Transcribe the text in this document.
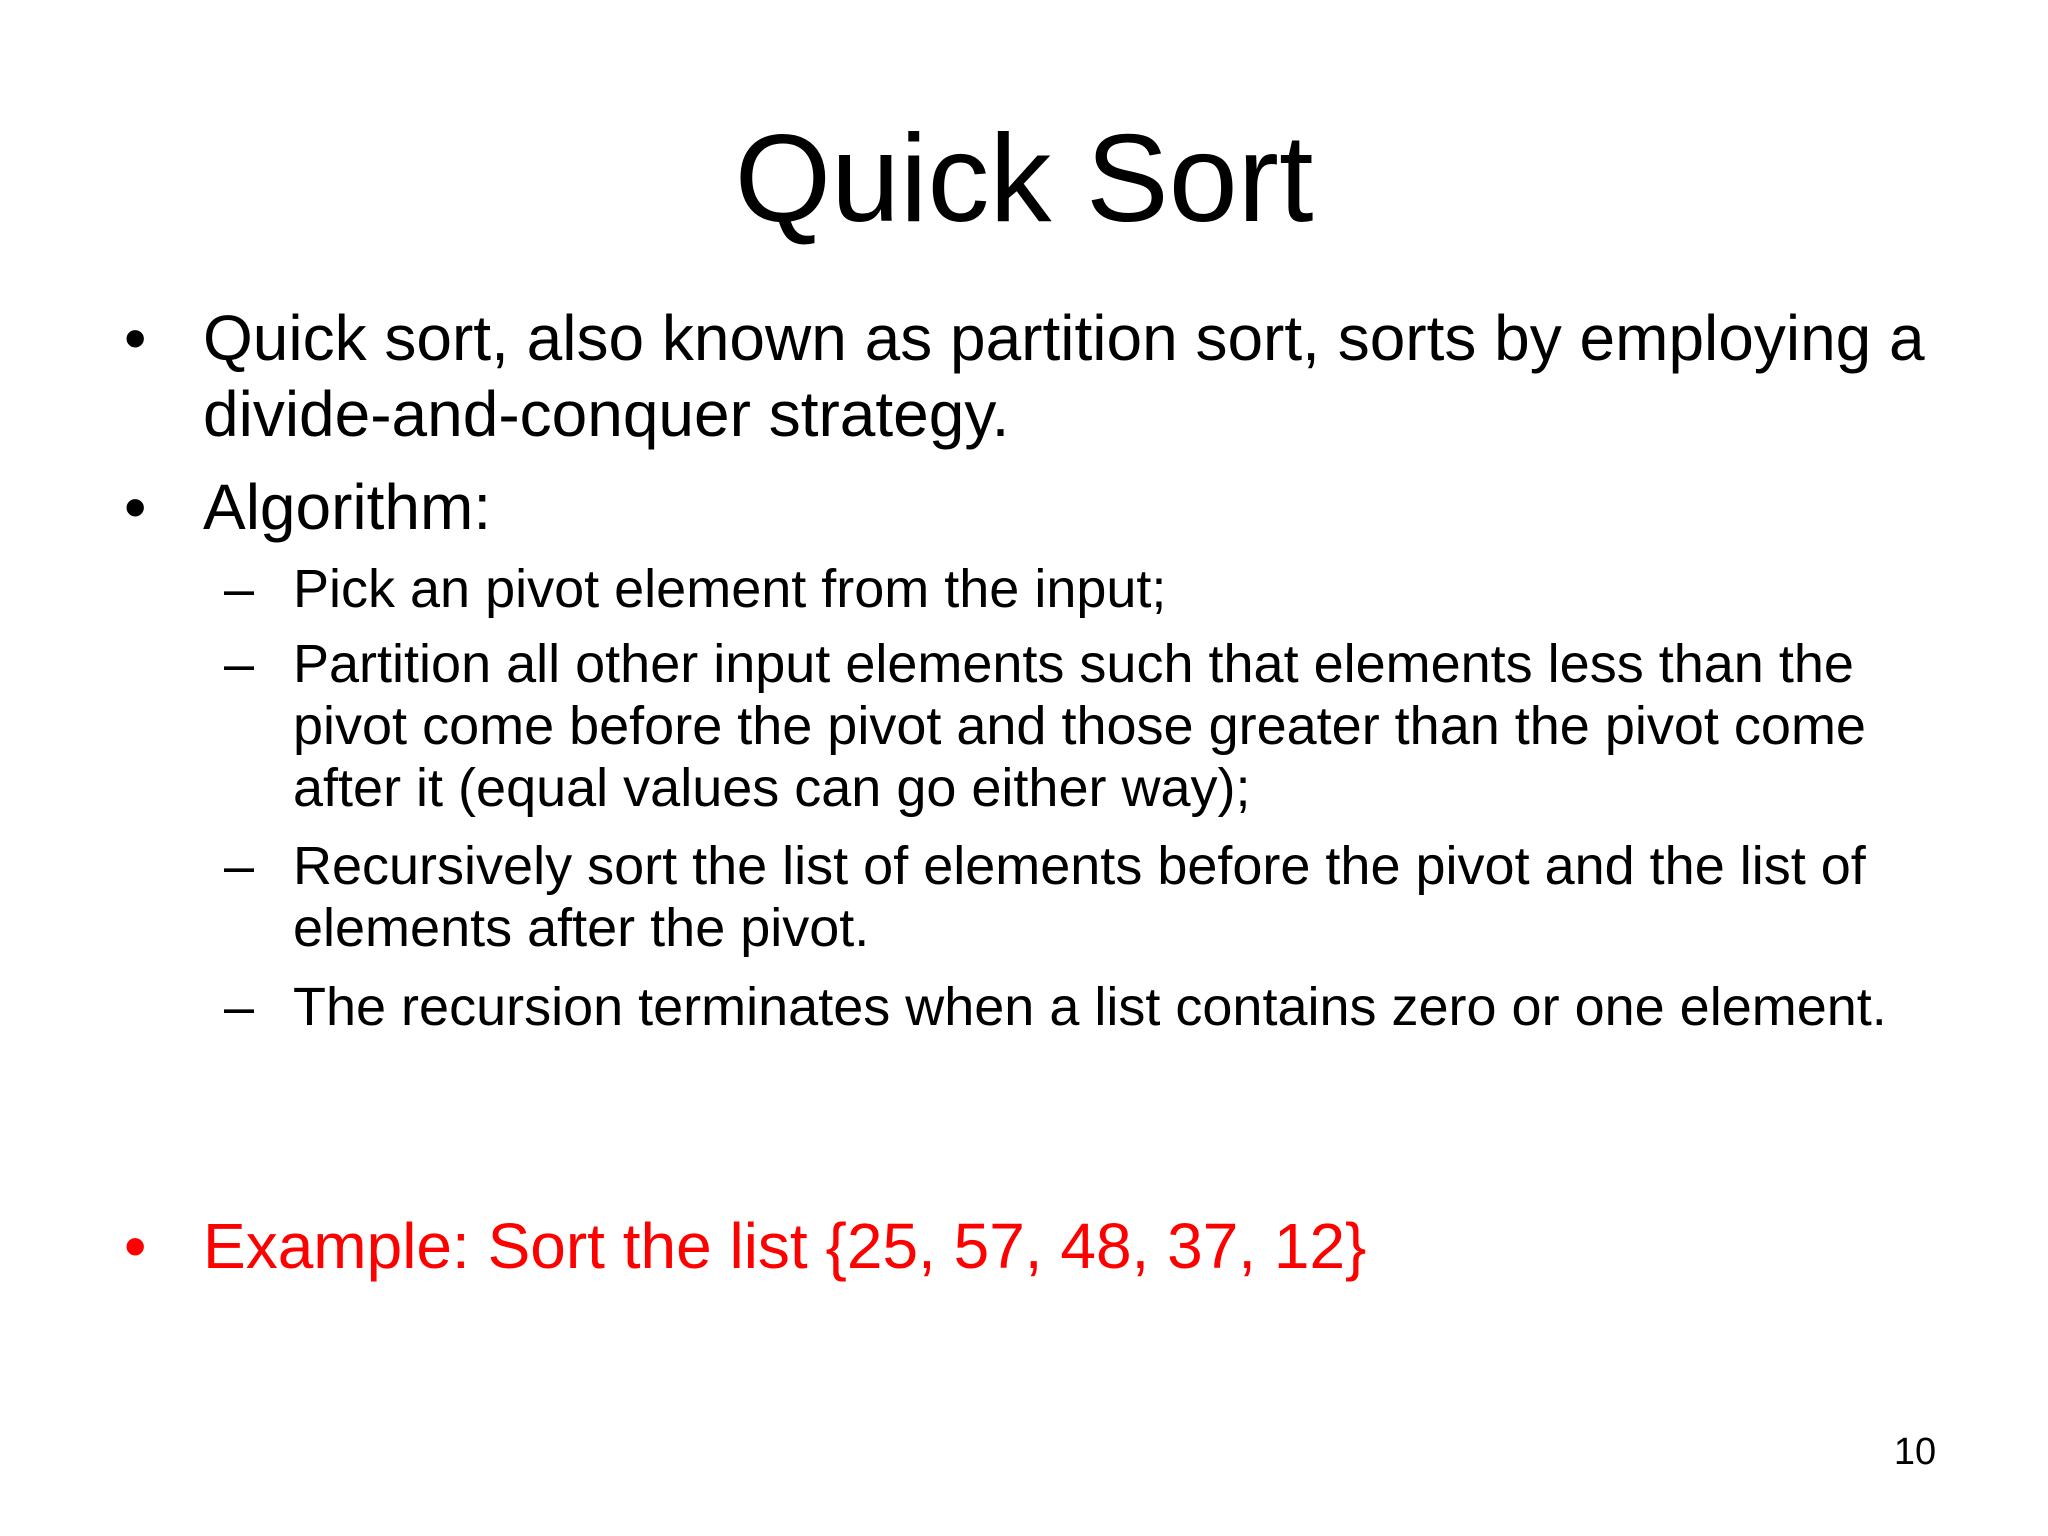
Quick Sort
• Quick sort, also known as partition sort, sorts by employing a divide-and-conquer strategy.

• Algorithm:

– Pick an pivot element from the input;

– Partition all other input elements such that elements less than the pivot come before the pivot and those greater than the pivot come after it (equal values can go either way);

– Recursively sort the list of elements before the pivot and the list of elements after the pivot.

– The recursion terminates when a list contains zero or one element.

• Example: Sort the list {25, 57, 48, 37, 12}

10
